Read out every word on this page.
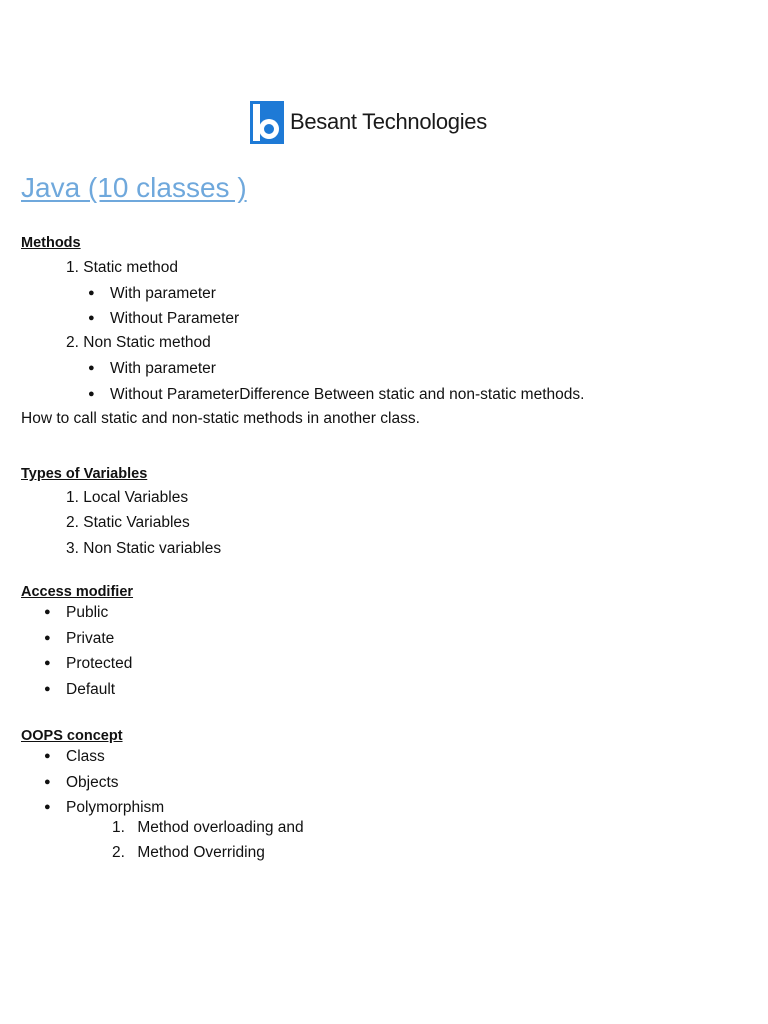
Besant Technologies
Java (10 classes )
Methods
1. Static method
● With parameter
● Without Parameter
2. Non Static method
● With parameter
● Without ParameterDifference Between static and non-static methods.
How to call static and non-static methods in another class.
Types of Variables
1. Local Variables
2. Static Variables
3. Non Static variables
Access modifier
● Public
● Private
● Protected
● Default
OOPS concept
● Class
● Objects
● Polymorphism
1. Method overloading and
2. Method Overriding
